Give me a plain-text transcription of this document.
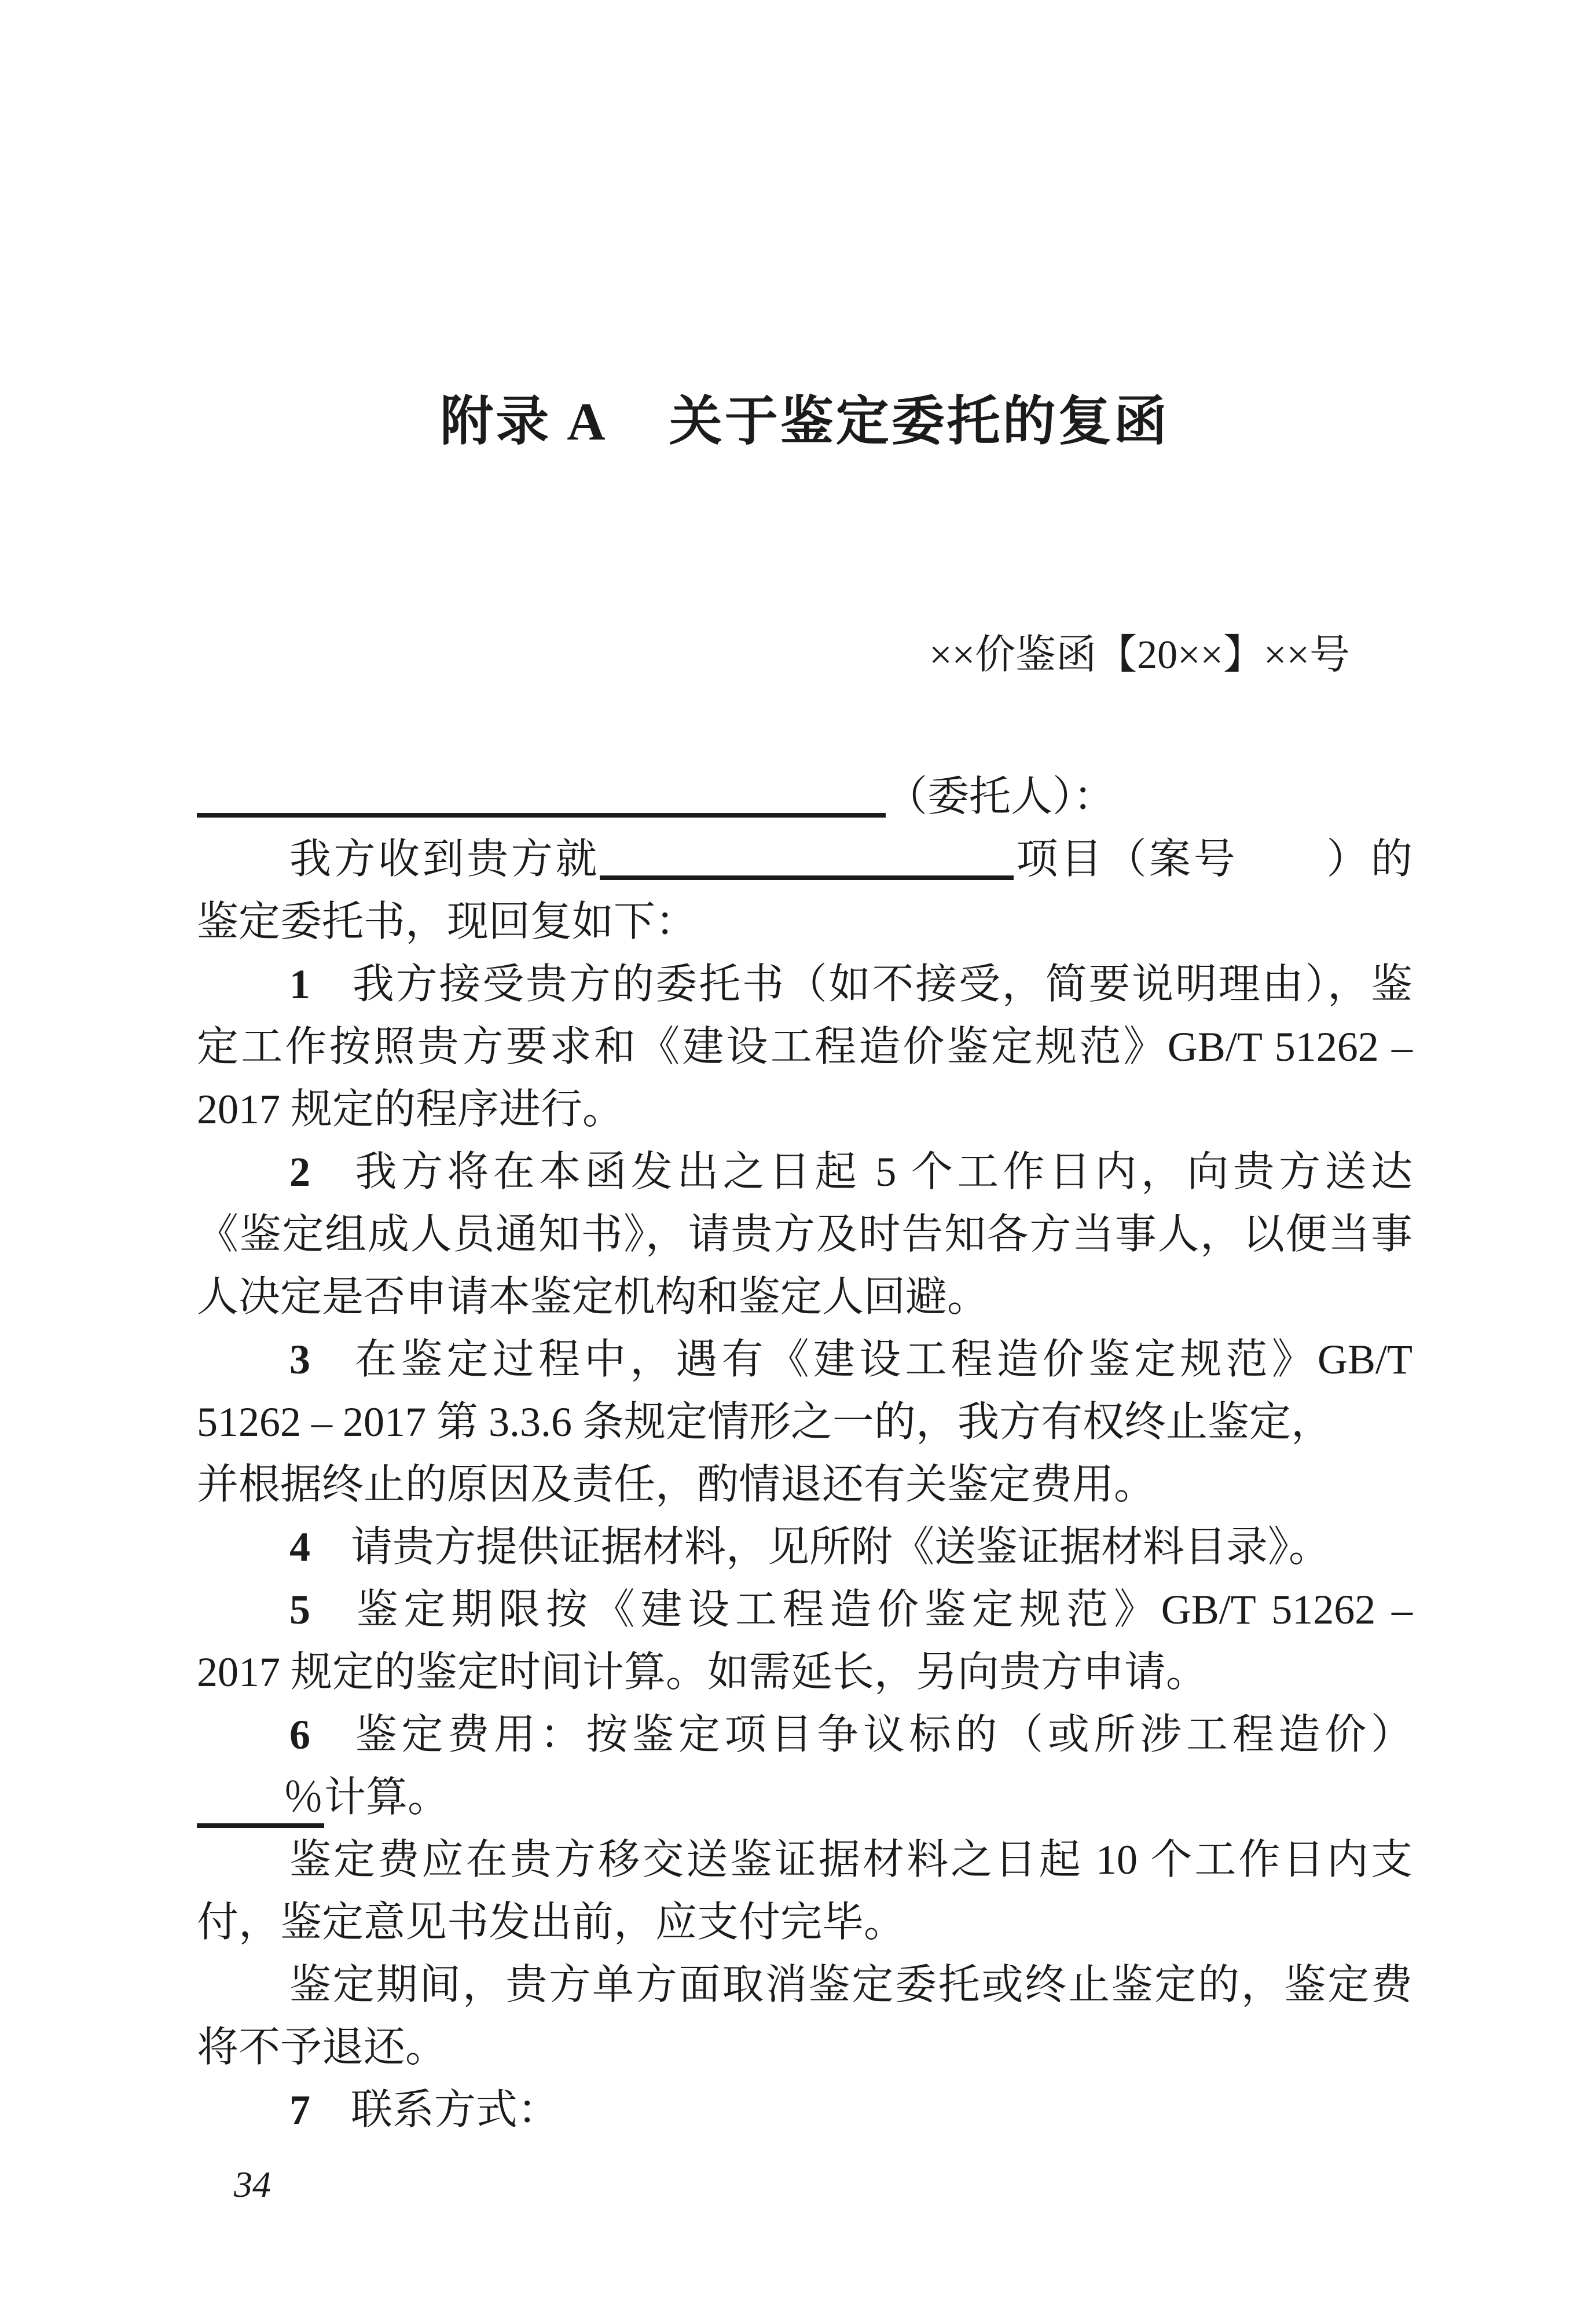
附录 A 关于鉴定委托的复函
××价鉴函【20××】××号
（委托人）：
我方收到贵方就	项目（案号　　）的
鉴定委托书，现回复如下：
1 我方接受贵方的委托书（如不接受，简要说明理由），鉴
定工作按照贵方要求和《建设工程造价鉴定规范》GB/T 51262 –
2017 规定的程序进行。
2 我方将在本函发出之日起 5 个工作日内，向贵方送达
《鉴定组成人员通知书》，请贵方及时告知各方当事人，以便当事
人决定是否申请本鉴定机构和鉴定人回避。
3 在鉴定过程中，遇有《建设工程造价鉴定规范》GB/T
51262 – 2017 第 3.3.6 条规定情形之一的，我方有权终止鉴定，
并根据终止的原因及责任，酌情退还有关鉴定费用。
4 请贵方提供证据材料，见所附《送鉴证据材料目录》。
5 鉴定期限按《建设工程造价鉴定规范》GB/T 51262 –
2017 规定的鉴定时间计算。如需延长，另向贵方申请。
6 鉴定费用：按鉴定项目争议标的（或所涉工程造价）
％计算。
鉴定费应在贵方移交送鉴证据材料之日起 10 个工作日内支
付，鉴定意见书发出前，应支付完毕。
鉴定期间，贵方单方面取消鉴定委托或终止鉴定的，鉴定费
将不予退还。
7 联系方式：
34
